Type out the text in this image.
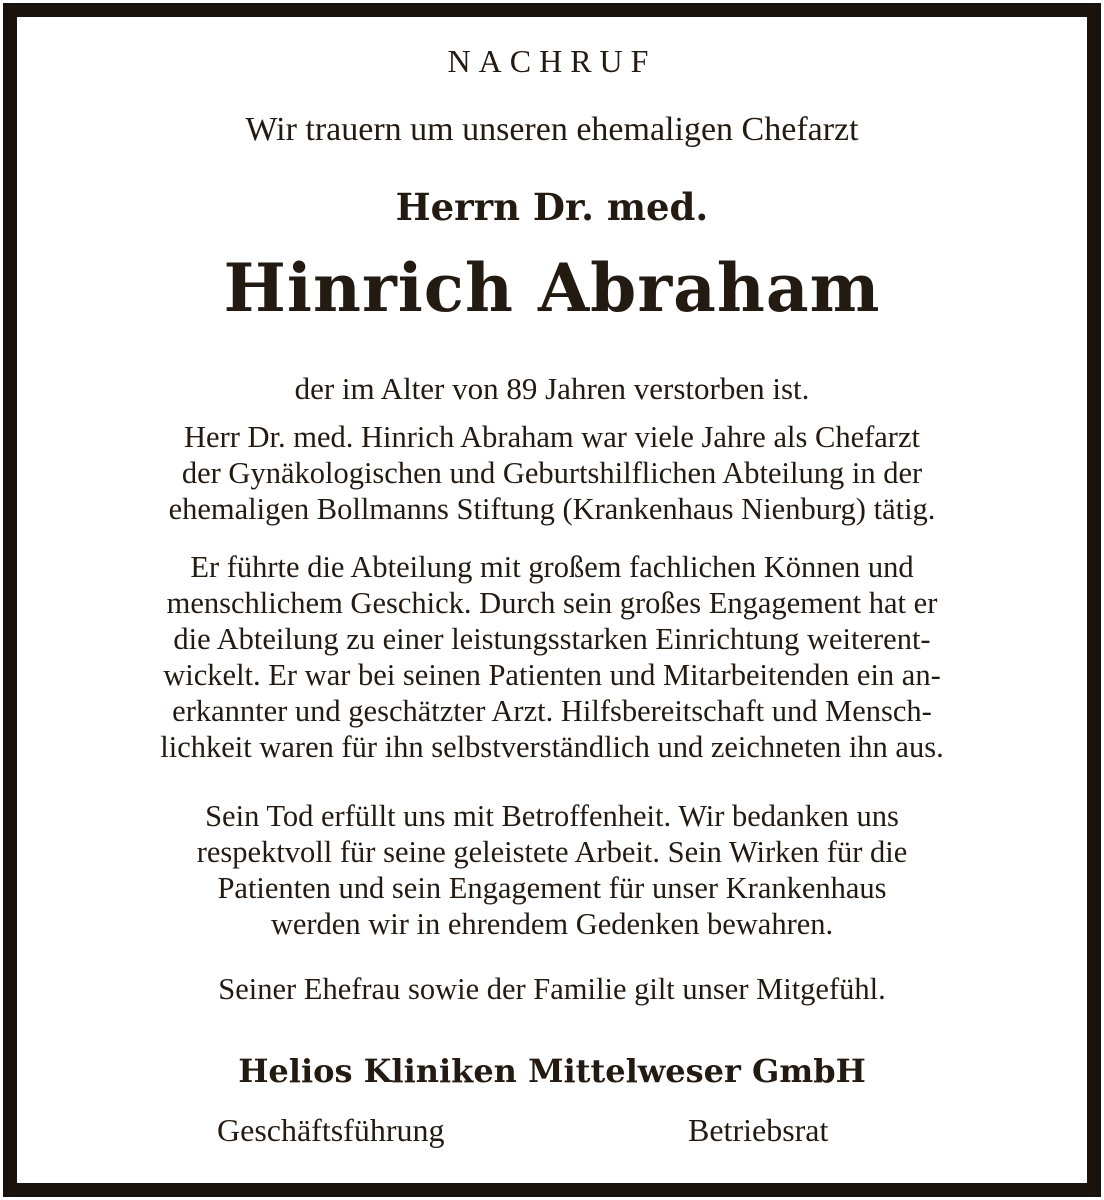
NACHRUF
Wir trauern um unseren ehemaligen Chefarzt
Herrn Dr. med.
Hinrich Abraham
der im Alter von 89 Jahren verstorben ist.
Herr Dr. med. Hinrich Abraham war viele Jahre als Chefarzt
der Gynäkologischen und Geburtshilflichen Abteilung in der
ehemaligen Bollmanns Stiftung (Krankenhaus Nienburg) tätig.
Er führte die Abteilung mit großem fachlichen Können und
menschlichem Geschick. Durch sein großes Engagement hat er
die Abteilung zu einer leistungsstarken Einrichtung weiterent-
wickelt. Er war bei seinen Patienten und Mitarbeitenden ein an-
erkannter und geschätzter Arzt. Hilfsbereitschaft und Mensch-
lichkeit waren für ihn selbstverständlich und zeichneten ihn aus.
Sein Tod erfüllt uns mit Betroffenheit. Wir bedanken uns
respektvoll für seine geleistete Arbeit. Sein Wirken für die
Patienten und sein Engagement für unser Krankenhaus
werden wir in ehrendem Gedenken bewahren.
Seiner Ehefrau sowie der Familie gilt unser Mitgefühl.
Helios Kliniken Mittelweser GmbH
Geschäftsführung	Betriebsrat
